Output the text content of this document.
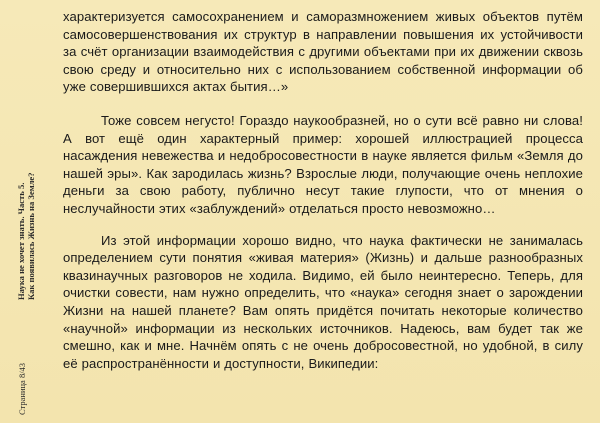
Наука не хочет знать. Часть 5. Как появилась Жизнь на Земле?
Страница 8/43

характеризуется самосохранением и саморазмножением живых объектов путём самосовершенствования их структур в направлении повышения их устойчивости за счёт организации взаимодействия с другими объектами при их движении сквозь свою среду и относительно них с использованием собственной информации об уже совершившихся актах бытия…»

Тоже совсем негусто! Гораздо наукообразней, но о сути всё равно ни слова! А вот ещё один характерный пример: хорошей иллюстрацией процесса насаждения невежества и недобросовестности в науке является фильм «Земля до нашей эры». Как зародилась жизнь? Взрослые люди, получающие очень неплохие деньги за свою работу, публично несут такие глупости, что от мнения о неслучайности этих «заблуждений» отделаться просто невозможно…

Из этой информации хорошо видно, что наука фактически не занималась определением сути понятия «живая материя» (Жизнь) и дальше разнообразных квазинаучных разговоров не ходила. Видимо, ей было неинтересно. Теперь, для очистки совести, нам нужно определить, что «наука» сегодня знает о зарождении Жизни на нашей планете? Вам опять придётся почитать некоторые количество «научной» информации из нескольких источников. Надеюсь, вам будет так же смешно, как и мне. Начнём опять с не очень добросовестной, но удобной, в силу её распространённости и доступности, Википедии:
